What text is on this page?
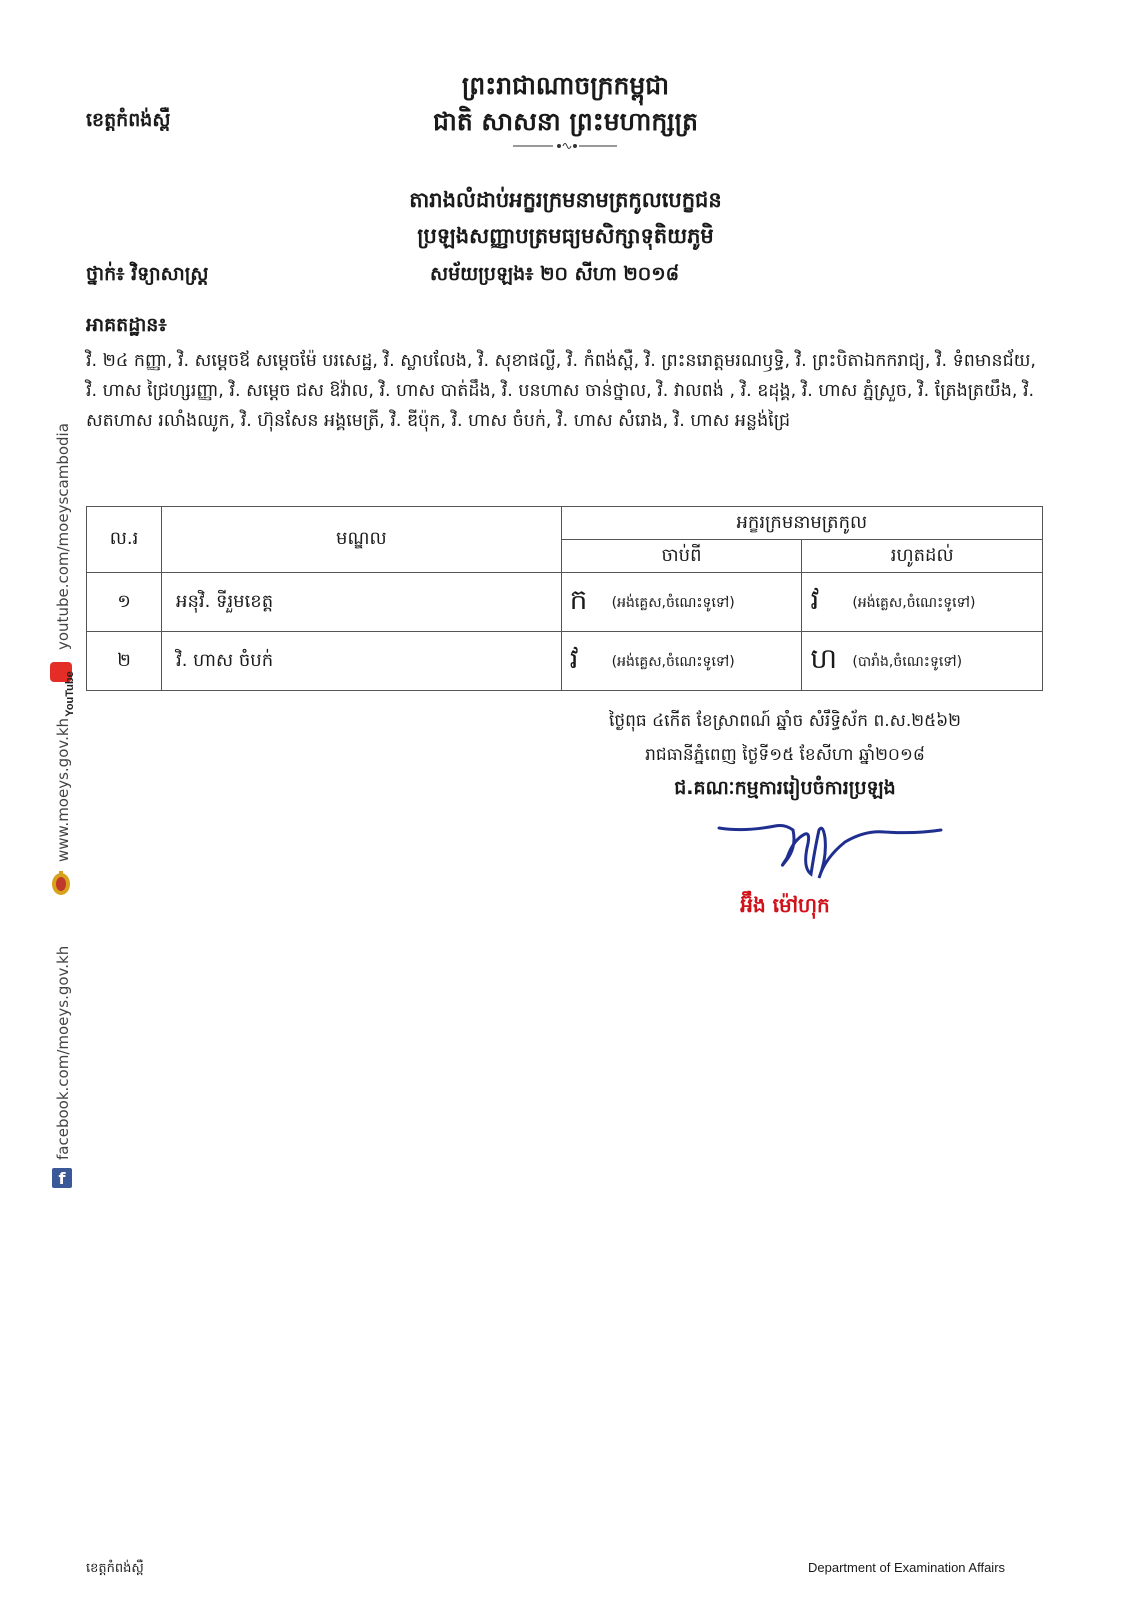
ខេត្តកំពង់ស្ពឺ
ព្រះរាជាណាចក្រកម្ពុជា
ជាតិ សាសនា ព្រះមហាក្សត្រ
តារាងលំដាប់អក្ខរក្រមនាមត្រកូលបេក្ខជន
ប្រឡងសញ្ញាបត្រមធ្យមសិក្សាទុតិយភូមិ
ថ្នាក់៖ វិទ្យាសាស្ត្រ	សម័យប្រឡង៖ ២០ សីហា ២០១៨
អាគតដ្ឋាន៖
វិ. ២៤ កញ្ញា, វិ. សម្តេចឪ សម្តេចម៉ែ បរសេដ្ឋ, វិ. ស្លាបលែង, វិ. សុខាផល្លី, វិ. កំពង់ស្ពឺ, វិ. ព្រះនរោត្តមរណឫទ្ធិ, វិ. ព្រះបិតាឯកករាជ្យ, វិ. ទំពមានជ័យ, វិ. ហាស ជ្រៃហ្សរញ្ញា, វិ. សម្តេច ជស ឱវ៉ាល, វិ. ហាស បាត់ដឹង, វិ. បនហាស ចាន់ថ្នាល, វិ. វាលពង់ , វិ. ឧដុង្គ, វិ. ហាស ភ្នំស្រួច, វិ. ត្រែងត្រយឹង, វិ. សតហាស រលាំងឈូក, វិ. ហ៊ុនសែន អង្គមេត្រី, វិ. ឌីប៉ុក, វិ. ហាស ចំបក់, វិ. ហាស សំរោង, វិ. ហាស អន្លង់ជ្រៃ
ល.រ	មណ្ឌល	អក្ខរក្រមនាមត្រកូល	
		ចាប់ពី	រហូតដល់
១	អនុវិ. ទីរួមខេត្ត	ក (អង់គ្លេស,ចំណេះទូទៅ)	វ (អង់គ្លេស,ចំណេះទូទៅ)

២	វិ. ហាស ចំបក់	វ (អង់គ្លេស,ចំណេះទូទៅ)	ហ (បារាំង,ចំណេះទូទៅ)
ថ្ងៃពុធ ៤កើត ខែស្រាពណ៍ ឆ្នាំច សំរឹទ្ធិស័ក ព.ស.២៥៦២
រាជធានីភ្នំពេញ ថ្ងៃទី១៥ ខែសីហា ឆ្នាំ២០១៨
ជ.គណៈកម្មការរៀបចំការប្រឡង
អ៊ឹង ម៉ៅហុក
f
facebook.com/moeys.gov.kh
www.moeys.gov.kh
YouTube
youtube.com/moeyscambodia
ខេត្តកំពង់ស្ពឺ	Department of Examination Affairs
